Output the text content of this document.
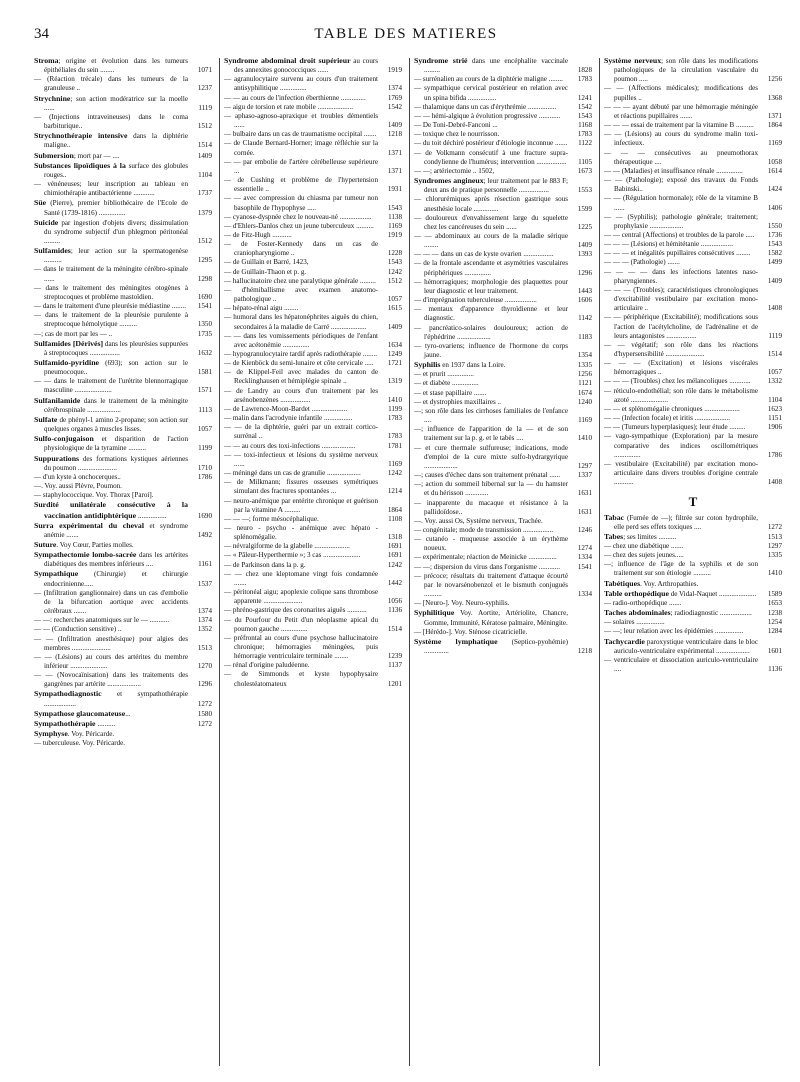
34	TABLE DES MATIERES
Stroma; origine et évolution dans les tumeurs épithéliales du sein ........	1071
— (Réaction trécale) dans les tumeurs de la granuleuse ..	1237
Strychnine; son action modératrice sur la moelle ......	1119
— (Injections intraveineuses) dans le coma barbiturique..	1512
Strychnothérapie intensive dans la diphtérie maligne..	1514
Submersion; mort par — ....	1409
Substances lipoïdiques à la surface des globules rouges..	1104
— vénéneuses; leur inscription au tableau en chimiothérapie antibactérienne ............	1737
Süe (Pierre), premier bibliothécaire de l'Ecole de Santé (1739-1816) ...............	1379
Suicide par ingestion d'objets divers; dissimulation du syndrome subjectif d'un phlegmon péritonéal .........	1512
Sulfamides; leur action sur la spermatogenèse ..........	1295
— dans le traitement de la méningite cérébro-spinale ......	1298
— dans le traitement des méningites otogènes à streptocoques et problème mastoïdien.	1690
— dans le traitement d'une pleurésie médiastine ........ 1541
— dans le traitement de la pleurésie purulente à streptocoque hémolytique ..........	1350
—; cas de mort par les — ..	1735
Sulfamides [Dérivés] dans les pleurésies suppurées à streptocoques .................	1632
Sulfamido-pyridine (693); son action sur le pneumocoque..	1581
— — dans le traitement de l'urétrite blennorragique masculine .....................	1571
Sulfanilamide dans le traitement de la méningite cérébrospinale ...................	1113
Sulfate de phényl-1 amino 2-propane; son action sur quelques organes à muscles lisses.	1057
Sulfo-conjugaison et disparition de l'action physiologique de la tyramine ..........	1199
Suppurations des formations kystiques aériennes du poumon ......................	1710
— d'un kyste à onchocerques..	1786
—. Voy. aussi Plèvre, Poumon.
— staphylococcique. Voy. Thorax [Paroi].
Surdité unilatérale consécutive à la vaccination antidiphtérique ................	1690
Surra expérimental du cheval et syndrome anémie .......	1492
Suture. Voy Cœur, Parties molles.
Sympathectomie lombo-sacrée dans les artérites diabétiques des membres inférieurs ....	1161
Sympathique (Chirurgie) et chirurgie endocrinienne.....	1537
— (Infiltration ganglionnaire) dans un cas d'embolie de la bifurcation aortique avec accidents cérébraux .......	1374
— —: recherches anatomiques sur le — ...........	1374
— — (Conduction sensitive) ..	1352
— — (Infiltration anesthésique) pour algies des membres ......................	1513
— — (Lésions) au cours des artérites du membre inférieur .....................	1270
— — (Novocaïnisation) dans les traitements des gangrènes par artérite ...................	1296
Sympathodiagnostic et sympathothérapie ..................	1272
Sympathose glaucomateuse...	1580
Sympathothérapie ..........	1272
Symphyse. Voy. Péricarde.
— tuberculeuse. Voy. Péricarde.
Syndrome abdominal droit supérieur au cours des annexites gonococciques ......	1919
— agranulocytaire survenu au cours d'un traitement antisyphilitique ...............	1374
— — au cours de l'infection éberthienne ..............	1769
— aigu de torsion et rate mobile ....................	1542
— aphaso-agnoso-apraxique et troubles démentiels ......	1409
— bulbaire dans un cas de traumatisme occipital ....... 1218
— de Claude Bernard-Horner; image réfléchie sur la cornée.	1371
— — par embolie de l'artère cérébelleuse supérieure ...	1371
— de Cushing et problème de l'hypertension essentielle ..	1931
— — avec compression du chiasma par tumeur non basophile de l'hypophyse .....	1543
— cyanose-dyspnée chez le nouveau-né .................. 1138
— d'Ehlers-Danlos chez un jeune tuberculeux .......... 1169
— de Fitz-Hugh ...........	1919
— de Foster-Kennedy dans un cas de craniopharyngiome ..	1228
— de Guillain et Barré, 1423,	1543
— de Guillain-Thaon et p. g.	1242
— hallucinatoire chez une paralytique générale ......... 1512
— d'hémiballisme avec examen anatomo-pathologique ..	1057
— hépato-rénal aigu ........	1615
— humoral dans les hépatonéphrites aiguës du chien, secondaires à la maladie de Carré ....................	1409
— — dans les vomissements périodiques de l'enfant avec acétonémie ...............	1634
— hypogranulocytaire tardif après radiothérapie ........ 1249
— de Kienböck du semi-lunaire et côte cervicale ..... 1721
— de Klippel-Feil avec malades du canton de Recklinghausen et hémiplégie spinale ..	1319
— de Landry au cours d'un traitement par les arsénobenzènes .................	1410
— de Lawrence-Moon-Bardet ....................	1199
— malin dans l'acrodynie infantile ................	1783
— — de la diphtérie, guéri par un extrait cortico-surrénal ..	1783
— — au cours des toxi-infections ...................	1781
— — toxi-infectieux et lésions du système nerveux ......	1169
— méningé dans un cas de granulie ...................	1242
— de Milkmann; fissures osseuses symétriques simulant des fractures spontanées ...	1214
— neuro-anémique par entérite chronique et guérison par la vitamine A .........	1864
— — —; forme mésocéphalique.	1108
— neuro - psycho - anémique avec hépato - splénomégalie.	1318
— névralgiforme de la glabelle ....................	1691
— « Pâleur-Hyperthermie »; 3 cas .....................	1691
— de Parkinson dans la p. g.	1242
— — chez une kleptomane vingt fois condamnée .......	1442
— péritonéal aigu; apoplexie colique sans thrombose apparente ......................	1056
— phréno-gastrique des coronarites aiguës ...........	1136
— du Pourfour du Petit d'un néoplasme apical du poumon gauche ...............	1514
— préfrontal au cours d'une psychose hallucinatoire chronique; hémorragies méningées, puis hémorragie ventriculaire terminale ........	1239
— rénal d'origine paludéenne.	1137
— de Simmonds et kyste hypophysaire cholestéatomateux	1201
Syndrome strié dans une encéphalite vaccinale .........	1828
— surrénalien au cours de la diphtérie maligne ........ 1783
— sympathique cervical postérieur en relation avec un spina bifida ................	1241
— thalamique dans un cas d'érythrémie ................	1542
— — hémi-algique à évolution progressive ............ 1543
— De Toni-Debré-Fanconi ...	1168
— toxique chez le nourrisson.	1783
— du toit déchiré postérieur d'étiologie inconnue ....... 1122
— de Volkmann consécutif à une fracture supra-condylienne de l'humérus; intervention ................. 1105
— —; artériectomie .. 1502,	1673
Syndromes angineux; leur traitement par le 883 F; deux ans de pratique personnelle .................	1553
— chlorurémiques après résection gastrique sous anesthésie locale ..............	1599
— douloureux d'envahissement large du squelette chez les cancéreuses du sein ......	1225
— — abdominaux au cours de la maladie sérique ........	1409
— — — dans un cas de kyste ovarien .................	1393
— de la frontale ascendante et asymétries vasculaires périphériques ...............	1296
— hémorragiques; morphologie des plaquettes pour leur diagnostic et leur traitement.	1443
— d'imprégnation tuberculeuse ..................	1606
— mentaux d'apparence thyroïdienne et leur diagnostic.	1142
— pancréatico-solaires douloureux; action de l'éphédrine ...................	1183
— tyro-ovariens; influence de l'hormone du corps jaune.	1354
Syphilis en 1937 dans la Loire.	1335
— et prurit ...............	1256
— et diabète ...............	1121
— et stase papillaire .......	1674
— et dystrophies maxillaires ..	1240
—; son rôle dans les cirrhoses familiales de l'enfance ....	1169
—; influence de l'apparition de la — et de son traitement sur la p. g. et le tabès ....	1410
— et cure thermale sulfureuse; indications, mode d'emploi de la cure mixte sulfo-hydrargyrique ...................	1297
—; causes d'échec dans son traitement prénatal ......	1337
—; action du sommeil hibernal sur la — du hamster et du hérisson .............	1631
— inapparente du macaque et résistance à la pallidoïdose..	1631
—. Voy. aussi Os, Système nerveux, Trachée.
— congénitale; mode de transmission .................	1246
— cutanéo - muqueuse associée à un érythème noueux.	1274
— expérimentale; réaction de Meinicke ................	1334
— —; dispersion du virus dans l'organisme ............	1541
— précoce; résultats du traitement d'attaque écourté par le novarsénobenzol et le bismuth conjugués ..........	1334
— [Neuro-]. Voy. Neuro-syphilis.
Syphilitique Voy. Aortite, Artériolite, Chancre, Gomme, Immunité, Kératose palmaire, Méningite.
— [Hérédo-]. Voy. Sténose cicatricielle.
Système lymphatique (Septico-pyohémie) ..............	1218
Système nerveux; son rôle dans les modifications pathologiques de la circulation vasculaire du poumon .....	1256
— — (Affections médicales); modifications des pupilles ..	1368
— — — ayant débuté par une hémorragie méningée et réactions pupillaires .......	1371
— — — essai de traitement par la vitamine B .......... 1864
— — (Lésions) au cours du syndrome malin toxi-infectieux.	1169
— — — consécutives au pneumothorax thérapeutique ....	1058
— — (Maladies) et insuffisance rénale ...............	1614
— — (Pathologie); exposé des travaux du Fonds Babinski..	1424
— — (Régulation hormonale); rôle de la vitamine B ......	1406
— — (Syphilis); pathologie générale; traitement; prophylaxie ...................	1550
— — central (Affections) et troubles de la parole ..... 1736
— — — (Lésions) et hémitétanie ..................	1543
— — — et inégalités pupillaires consécutives ........ 1582
— — — (Pathologie) .......	1499
— — — — dans les infections latentes naso-pharyngiennes.	1409
— — — (Troubles); caractéristiques chronologiques d'excitabilité vestibulaire par excitation mono-articulaire ..	1408
— — périphérique (Excitabilité); modifications sous l'action de l'acétylcholine, de l'adrénaline et de leurs antagonistes .................	1119
— — végétatif; son rôle dans les réactions d'hypersensibilité ......................	1514
— — — (Excitation) et lésions viscérales hémorragiques ..	1057
— — — (Troubles) chez les mélancoliques ............ 1332
— réticulo-endothélial; son rôle dans le métabolisme azoté .....................	1104
— — et splénomégalie chroniques ....................	1623
— — (Infection focale) et iritis ....................	1151
— — (Tumeurs hyperplasiques); leur étude .........	1906
— vago-sympathique (Exploration) par la mesure comparative des indices oscillométriques ...............	1786
— vestibulaire (Excitabilité) par excitation mono-articulaire dans divers troubles d'origine centrale ...........	1408
T
Tabac (Fumée de —); filtrée sur coton hydrophile, elle perd ses effets toxiques ....	1272
Tabes; ses limites ..........	1513
— chez une diabétique .......	1297
— chez des sujets jeunes.....	1335
—; influence de l'âge de la syphilis et de son traitement sur son étiologie ..........	1410
Tabétiques. Voy. Arthropathies.
Table orthopédique de Vidal-Naquet ..................... 1589
— radio-orthopédique .......	1653
Taches abdominales; radiodiagnostic .................. 1238
— solaires ................	1254
— —; leur relation avec les épidémies ................	1284
Tachycardie paroxystique ventriculaire dans le bloc auriculo-ventriculaire expérimental ...................	1601
— ventriculaire et dissociation auriculo-ventriculaire ....	1136
